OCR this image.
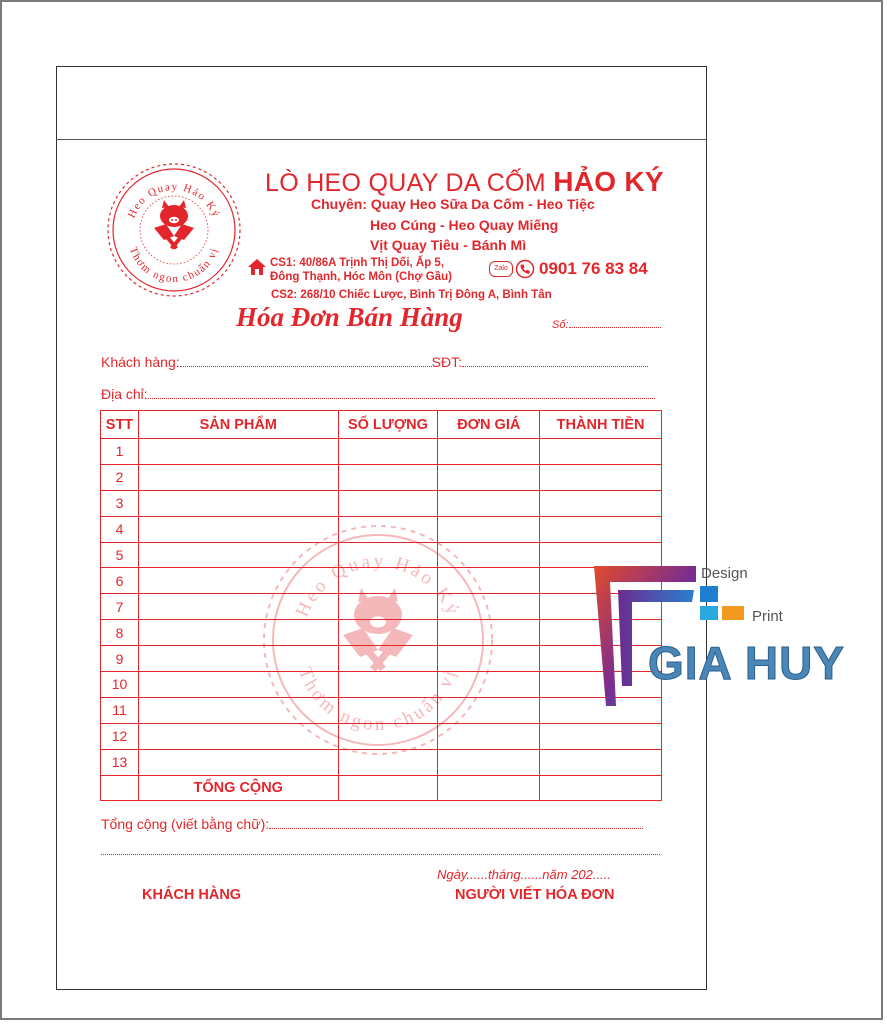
Heo Quay Hảo Ký
Thơm ngon chuẩn vị
LÒ HEO QUAY DA CỐM HẢO KÝ
Chuyên: Quay Heo Sữa Da Cốm - Heo Tiệc
Heo Cúng - Heo Quay Miếng
Vịt Quay Tiêu - Bánh Mì
CS1: 40/86A Trịnh Thị Dối, Ấp 5,
Đông Thạnh, Hóc Môn (Chợ Gầu)
CS2: 268/10 Chiếc Lược, Bình Trị Đông A, Bình Tân
Zalo	0901 76 83 84
Hóa Đơn Bán Hàng	Số:
Khách hàng:	SĐT:
Địa chỉ:
Heo Quay Hảo Ký
Thơm ngon chuẩn vị
STT	SẢN PHẨM	SỐ LƯỢNG	ĐƠN GIÁ	THÀNH TIỀN
1				
2				
3				
4				
5				
6				
7				
8				
9				
10				
11				
12				
13				
	TỔNG CỘNG			
Tổng cộng (viết bằng chữ):
Ngày......tháng......năm 202.....
KHÁCH HÀNG	NGƯỜI VIẾT HÓA ĐƠN
Design
Print
GIA HUY
